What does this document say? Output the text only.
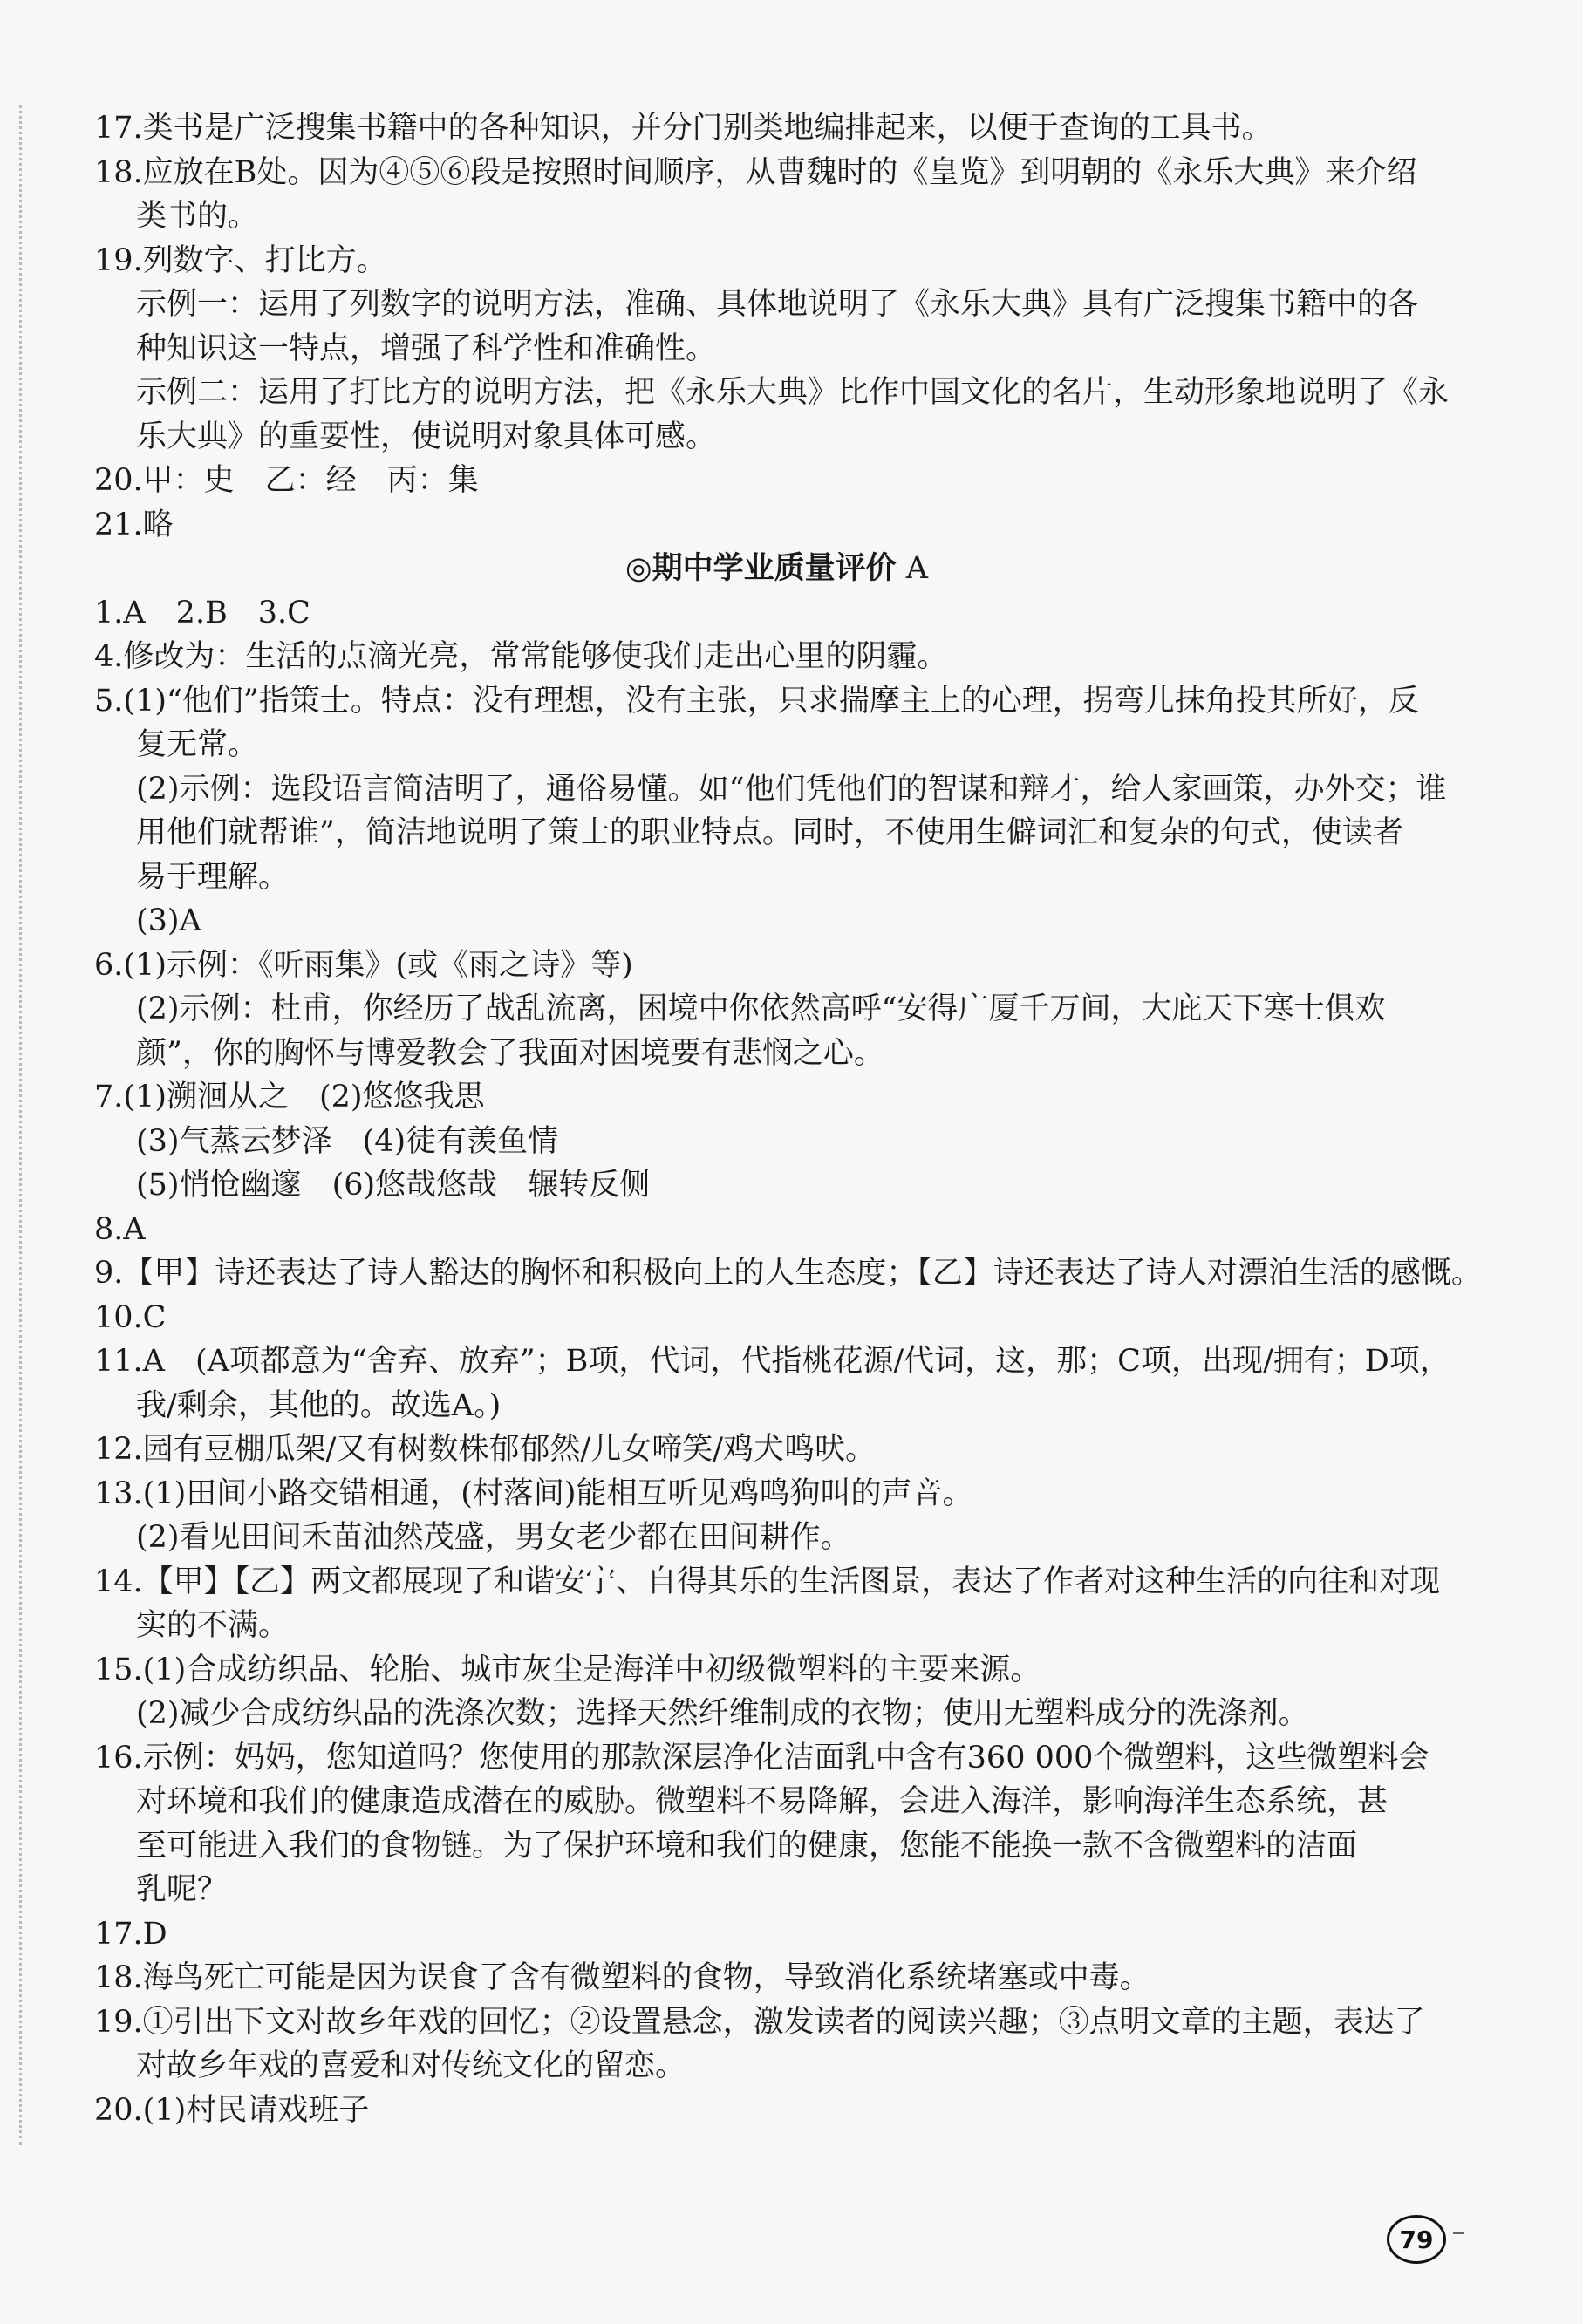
17.类书是广泛搜集书籍中的各种知识，并分门别类地编排起来，以便于查询的工具书。
18.应放在B处。因为④⑤⑥段是按照时间顺序，从曹魏时的《皇览》到明朝的《永乐大典》来介绍
类书的。
19.列数字、打比方。
示例一：运用了列数字的说明方法，准确、具体地说明了《永乐大典》具有广泛搜集书籍中的各
种知识这一特点，增强了科学性和准确性。
示例二：运用了打比方的说明方法，把《永乐大典》比作中国文化的名片，生动形象地说明了《永
乐大典》的重要性，使说明对象具体可感。
20.甲：史　乙：经　丙：集
21.略
◎期中学业质量评价 A
1.A　2.B　3.C
4.修改为：生活的点滴光亮，常常能够使我们走出心里的阴霾。
5.(1)“他们”指策士。特点：没有理想，没有主张，只求揣摩主上的心理，拐弯儿抹角投其所好，反
复无常。
(2)示例：选段语言简洁明了，通俗易懂。如“他们凭他们的智谋和辩才，给人家画策，办外交；谁
用他们就帮谁”，简洁地说明了策士的职业特点。同时，不使用生僻词汇和复杂的句式，使读者
易于理解。
(3)A
6.(1)示例：《听雨集》(或《雨之诗》等)
(2)示例：杜甫，你经历了战乱流离，困境中你依然高呼“安得广厦千万间，大庇天下寒士俱欢
颜”，你的胸怀与博爱教会了我面对困境要有悲悯之心。
7.(1)溯洄从之　(2)悠悠我思
(3)气蒸云梦泽　(4)徒有羡鱼情
(5)悄怆幽邃　(6)悠哉悠哉　辗转反侧
8.A
9.【甲】诗还表达了诗人豁达的胸怀和积极向上的人生态度；【乙】诗还表达了诗人对漂泊生活的感慨。
10.C
11.A　(A项都意为“舍弃、放弃”；B项，代词，代指桃花源/代词，这，那；C项，出现/拥有；D项，
我/剩余，其他的。故选A。)
12.园有豆棚瓜架/又有树数株郁郁然/儿女啼笑/鸡犬鸣吠。
13.(1)田间小路交错相通，(村落间)能相互听见鸡鸣狗叫的声音。
(2)看见田间禾苗油然茂盛，男女老少都在田间耕作。
14.【甲】【乙】两文都展现了和谐安宁、自得其乐的生活图景，表达了作者对这种生活的向往和对现
实的不满。
15.(1)合成纺织品、轮胎、城市灰尘是海洋中初级微塑料的主要来源。
(2)减少合成纺织品的洗涤次数；选择天然纤维制成的衣物；使用无塑料成分的洗涤剂。
16.示例：妈妈，您知道吗？您使用的那款深层净化洁面乳中含有360 000个微塑料，这些微塑料会
对环境和我们的健康造成潜在的威胁。微塑料不易降解，会进入海洋，影响海洋生态系统，甚
至可能进入我们的食物链。为了保护环境和我们的健康，您能不能换一款不含微塑料的洁面
乳呢？
17.D
18.海鸟死亡可能是因为误食了含有微塑料的食物，导致消化系统堵塞或中毒。
19.①引出下文对故乡年戏的回忆；②设置悬念，激发读者的阅读兴趣；③点明文章的主题，表达了
对故乡年戏的喜爱和对传统文化的留恋。
20.(1)村民请戏班子
79
